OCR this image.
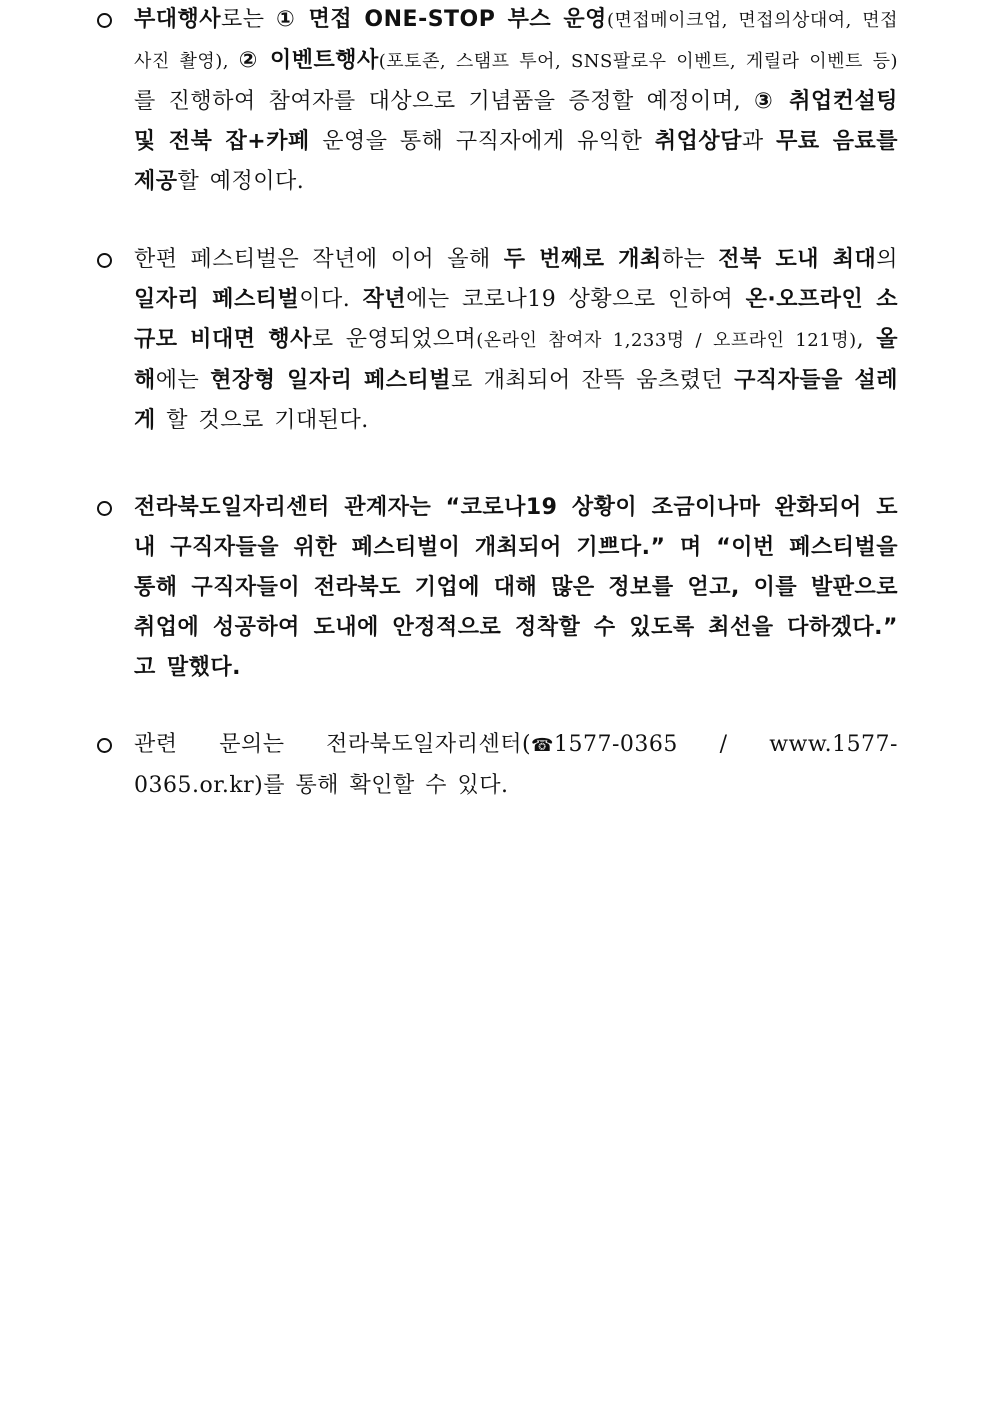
부대행사로는 ① 면접 ONE-STOP 부스 운영(면접메이크업, 면접의상대여, 면접사진 촬영), ② 이벤트행사(포토존, 스탬프 투어, SNS팔로우 이벤트, 게릴라 이벤트 등)를 진행하여 참여자를 대상으로 기념품을 증정할 예정이며, ③ 취업컨설팅 및 전북 잡+카페 운영을 통해 구직자에게 유익한 취업상담과 무료 음료를 제공할 예정이다.
한편 페스티벌은 작년에 이어 올해 두 번째로 개최하는 전북 도내 최대의 일자리 페스티벌이다. 작년에는 코로나19 상황으로 인하여 온·오프라인 소규모 비대면 행사로 운영되었으며(온라인 참여자 1,233명 / 오프라인 121명), 올해에는 현장형 일자리 페스티벌로 개최되어 잔뜩 움츠렸던 구직자들을 설레게 할 것으로 기대된다.
전라북도일자리센터 관계자는 “코로나19 상황이 조금이나마 완화되어 도내 구직자들을 위한 페스티벌이 개최되어 기쁘다.” 며 “이번 페스티벌을 통해 구직자들이 전라북도 기업에 대해 많은 정보를 얻고, 이를 발판으로 취업에 성공하여 도내에 안정적으로 정착할 수 있도록 최선을 다하겠다.” 고 말했다.
관련 문의는 전라북도일자리센터(☎1577-0365 / www.1577-0365.or.kr)를 통해 확인할 수 있다.
